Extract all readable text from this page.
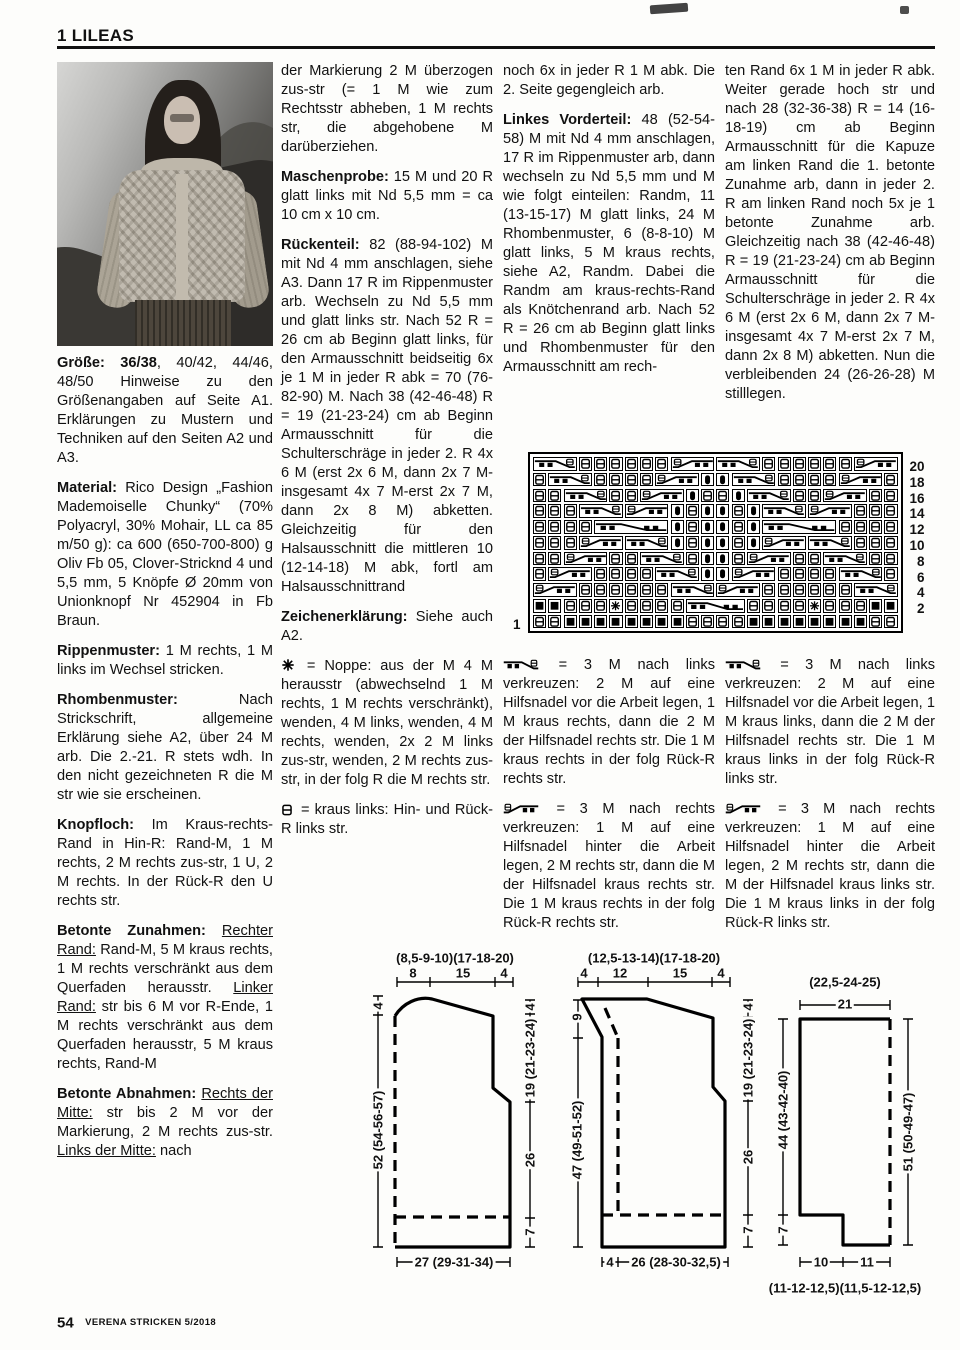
1 LILEAS

Größe: 36/38, 40/42, 44/46, 48/50 Hinweise zu den Größenangaben auf Seite A1. Erklärungen zu Mustern und Techniken auf den Seiten A2 und A3.

Material: Rico Design „Fashion Mademoiselle Chunky“ (70% Polyacryl, 30% Mohair, LL ca 85 m/50 g): ca 600 (650-700-800) g Oliv Fb 05, Clover-Stricknd 4 und 5,5 mm, 5 Knöpfe Ø 20mm von Unionknopf Nr 452904 in Fb Braun.

Rippenmuster: 1 M rechts, 1 M links im Wechsel stricken.

Rhombenmuster: Nach Strickschrift, allgemeine Erklärung siehe A2, über 24 M arb. Die 2.-21. R stets wdh. In den nicht gezeichneten R die M str wie sie erscheinen.

Knopfloch: Im Kraus-rechts-Rand in Hin-R: Rand-M, 1 M rechts, 2 M rechts zus-str, 1 U, 2 M rechts. In der Rück-R den U rechts str.

Betonte Zunahmen: Rechter Rand: Rand-M, 5 M kraus rechts, 1 M rechts verschränkt aus dem Querfaden herausstr. Linker Rand: str bis 6 M vor R-Ende, 1 M rechts verschränkt aus dem Querfaden herausstr, 5 M kraus rechts, Rand-M

Betonte Abnahmen: Rechts der Mitte: str bis 2 M vor der Markierung, 2 M rechts zus-str. Links der Mitte: nach

der Markierung 2 M überzogen zus-str (= 1 M wie zum Rechtsstr abheben, 1 M rechts str, die abgehobene M darüberziehen.

Maschenprobe: 15 M und 20 R glatt links mit Nd 5,5 mm = ca 10 cm x 10 cm.

Rückenteil: 82 (88-94-102) M mit Nd 4 mm anschlagen, siehe A3. Dann 17 R im Rippenmuster arb. Wechseln zu Nd 5,5 mm und glatt links str. Nach 52 R = 26 cm ab Beginn glatt links, für den Armausschnitt beidseitig 6x je 1 M in jeder R abk = 70 (76-82-90) M. Nach 38 (42-46-48) R = 19 (21-23-24) cm ab Beginn Armausschnitt für die Schulterschräge in jeder 2. R 4x 6 M (erst 2x 6 M, dann 2x 7 M-insgesamt 4x 7 M-erst 2x 7 M, dann 2x 8 M) abketten. Gleichzeitig für den Halsausschnitt die mittleren 10 (12-14-18) M abk, fortl am Halsausschnittrand

Zeichenerklärung: Siehe auch A2.

= Noppe: aus der M 4 M herausstr (abwechselnd 1 M rechts, 1 M rechts verschränkt), wenden, 4 M links, wenden, 4 M rechts, wenden, 2x 2 M links zus-str, wenden, 2 M rechts zus-str, in der folg R die M rechts str.

= kraus links: Hin- und Rück-R links str.

noch 6x in jeder R 1 M abk. Die 2. Seite gegengleich arb.

Linkes Vorderteil: 48 (52-54-58) M mit Nd 4 mm anschlagen, 17 R im Rippenmuster arb, dann wechseln zu Nd 5,5 mm und M wie folgt einteilen: Randm, 11 (13-15-17) M glatt links, 24 M Rhombenmuster, 6 (8-8-10) M glatt links, 5 M kraus rechts, siehe A2, Randm. Dabei die Randm am kraus-rechts-Rand als Knötchenrand arb. Nach 52 R = 26 cm ab Beginn glatt links und Rhombenmuster für den Armausschnitt am rech-

ten Rand 6x 1 M in jeder R abk. Weiter gerade hoch str und nach 28 (32-36-38) R = 14 (16-18-19) cm ab Beginn Armausschnitt für die Kapuze am linken Rand die 1. betonte Zunahme arb, dann in jeder 2. R am linken Rand noch 5x je 1 betonte Zunahme arb. Gleichzeitig nach 38 (42-46-48) R = 19 (21-23-24) cm ab Beginn Armausschnitt für die Schulterschräge in jeder 2. R 4x 6 M (erst 2x 6 M, dann 2x 7 M-insgesamt 4x 7 M-erst 2x 7 M, dann 2x 8 M) abketten. Nun die verbleibenden 24 (26-26-28) M stilllegen.

20
18
16
14
12
10
8
6
4
2
1

= 3 M nach links verkreuzen: 2 M auf eine Hilfsnadel vor die Arbeit legen, 1 M kraus rechts, dann die 2 M der Hilfsnadel rechts str. Die 1 M kraus rechts in der folg Rück-R rechts str.

= 3 M nach rechts verkreuzen: 1 M auf eine Hilfsnadel hinter die Arbeit legen, 2 M rechts str, dann die M der Hilfsnadel kraus rechts str. Die 1 M kraus rechts in der folg Rück-R rechts str.

= 3 M nach links verkreuzen: 2 M auf eine Hilfsnadel vor die Arbeit legen, 1 M kraus links, dann die 2 M der Hilfsnadel rechts str. Die 1 M kraus links in der folg Rück-R links str.

= 3 M nach rechts verkreuzen: 1 M auf eine Hilfsnadel hinter die Arbeit legen, 2 M rechts str, dann die M der Hilfsnadel kraus links str. Die 1 M kraus links in der folg Rück-R links str.

(8,5-9-10)(17-18-20)
8	15 4
4
52 (54-56-57)
4
19 (21-23-24)
26
7
27 (29-31-34)
(12,5-13-14)(17-18-20)
4 12	15 4
9
47 (49-51-52)
4
19 (21-23-24)
26
7
4 26 (28-30-32,5)
(22,5-24-25)
21
44 (43-42-40)
7
51 (50-49-47)
10 11
(11-12-12,5)(11,5-12-12,5)
54 VERENA STRICKEN 5/2018
